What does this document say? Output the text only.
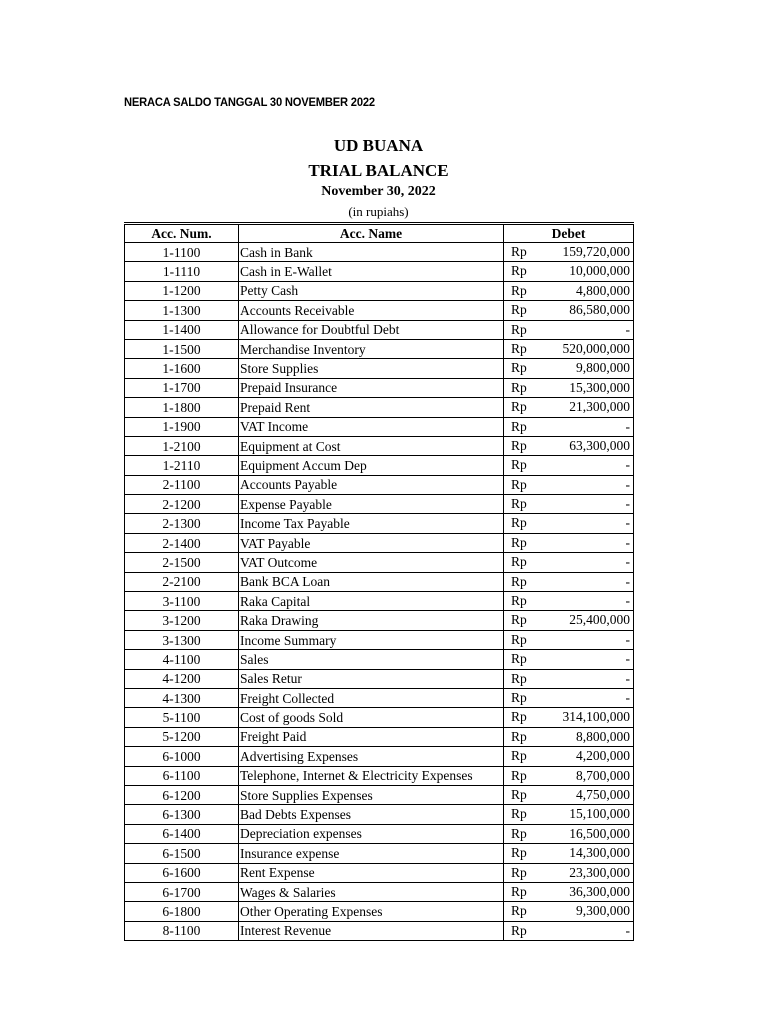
NERACA SALDO TANGGAL 30 NOVEMBER 2022
UD BUANA
TRIAL BALANCE
November 30, 2022
(in rupiahs)
Acc. Num.	Acc. Name	Debet
1-1100	Cash in Bank	Rp 159,720,000

1-1110	Cash in E-Wallet	Rp 10,000,000

1-1200	Petty Cash	Rp 4,800,000

1-1300	Accounts Receivable	Rp 86,580,000

1-1400	Allowance for Doubtful Debt	Rp -

1-1500	Merchandise Inventory	Rp 520,000,000

1-1600	Store Supplies	Rp 9,800,000

1-1700	Prepaid Insurance	Rp 15,300,000

1-1800	Prepaid Rent	Rp 21,300,000

1-1900	VAT Income	Rp -

1-2100	Equipment at Cost	Rp 63,300,000

1-2110	Equipment Accum Dep	Rp -

2-1100	Accounts Payable	Rp -

2-1200	Expense Payable	Rp -

2-1300	Income Tax Payable	Rp -

2-1400	VAT Payable	Rp -

2-1500	VAT Outcome	Rp -

2-2100	Bank BCA Loan	Rp -

3-1100	Raka Capital	Rp -

3-1200	Raka Drawing	Rp 25,400,000

3-1300	Income Summary	Rp -

4-1100	Sales	Rp -

4-1200	Sales Retur	Rp -

4-1300	Freight Collected	Rp -

5-1100	Cost of goods Sold	Rp 314,100,000

5-1200	Freight Paid	Rp 8,800,000

6-1000	Advertising Expenses	Rp 4,200,000

6-1100	Telephone, Internet & Electricity Expenses	Rp 8,700,000

6-1200	Store Supplies Expenses	Rp 4,750,000

6-1300	Bad Debts Expenses	Rp 15,100,000

6-1400	Depreciation expenses	Rp 16,500,000

6-1500	Insurance expense	Rp 14,300,000

6-1600	Rent Expense	Rp 23,300,000

6-1700	Wages & Salaries	Rp 36,300,000

6-1800	Other Operating Expenses	Rp 9,300,000

8-1100	Interest Revenue	Rp -
